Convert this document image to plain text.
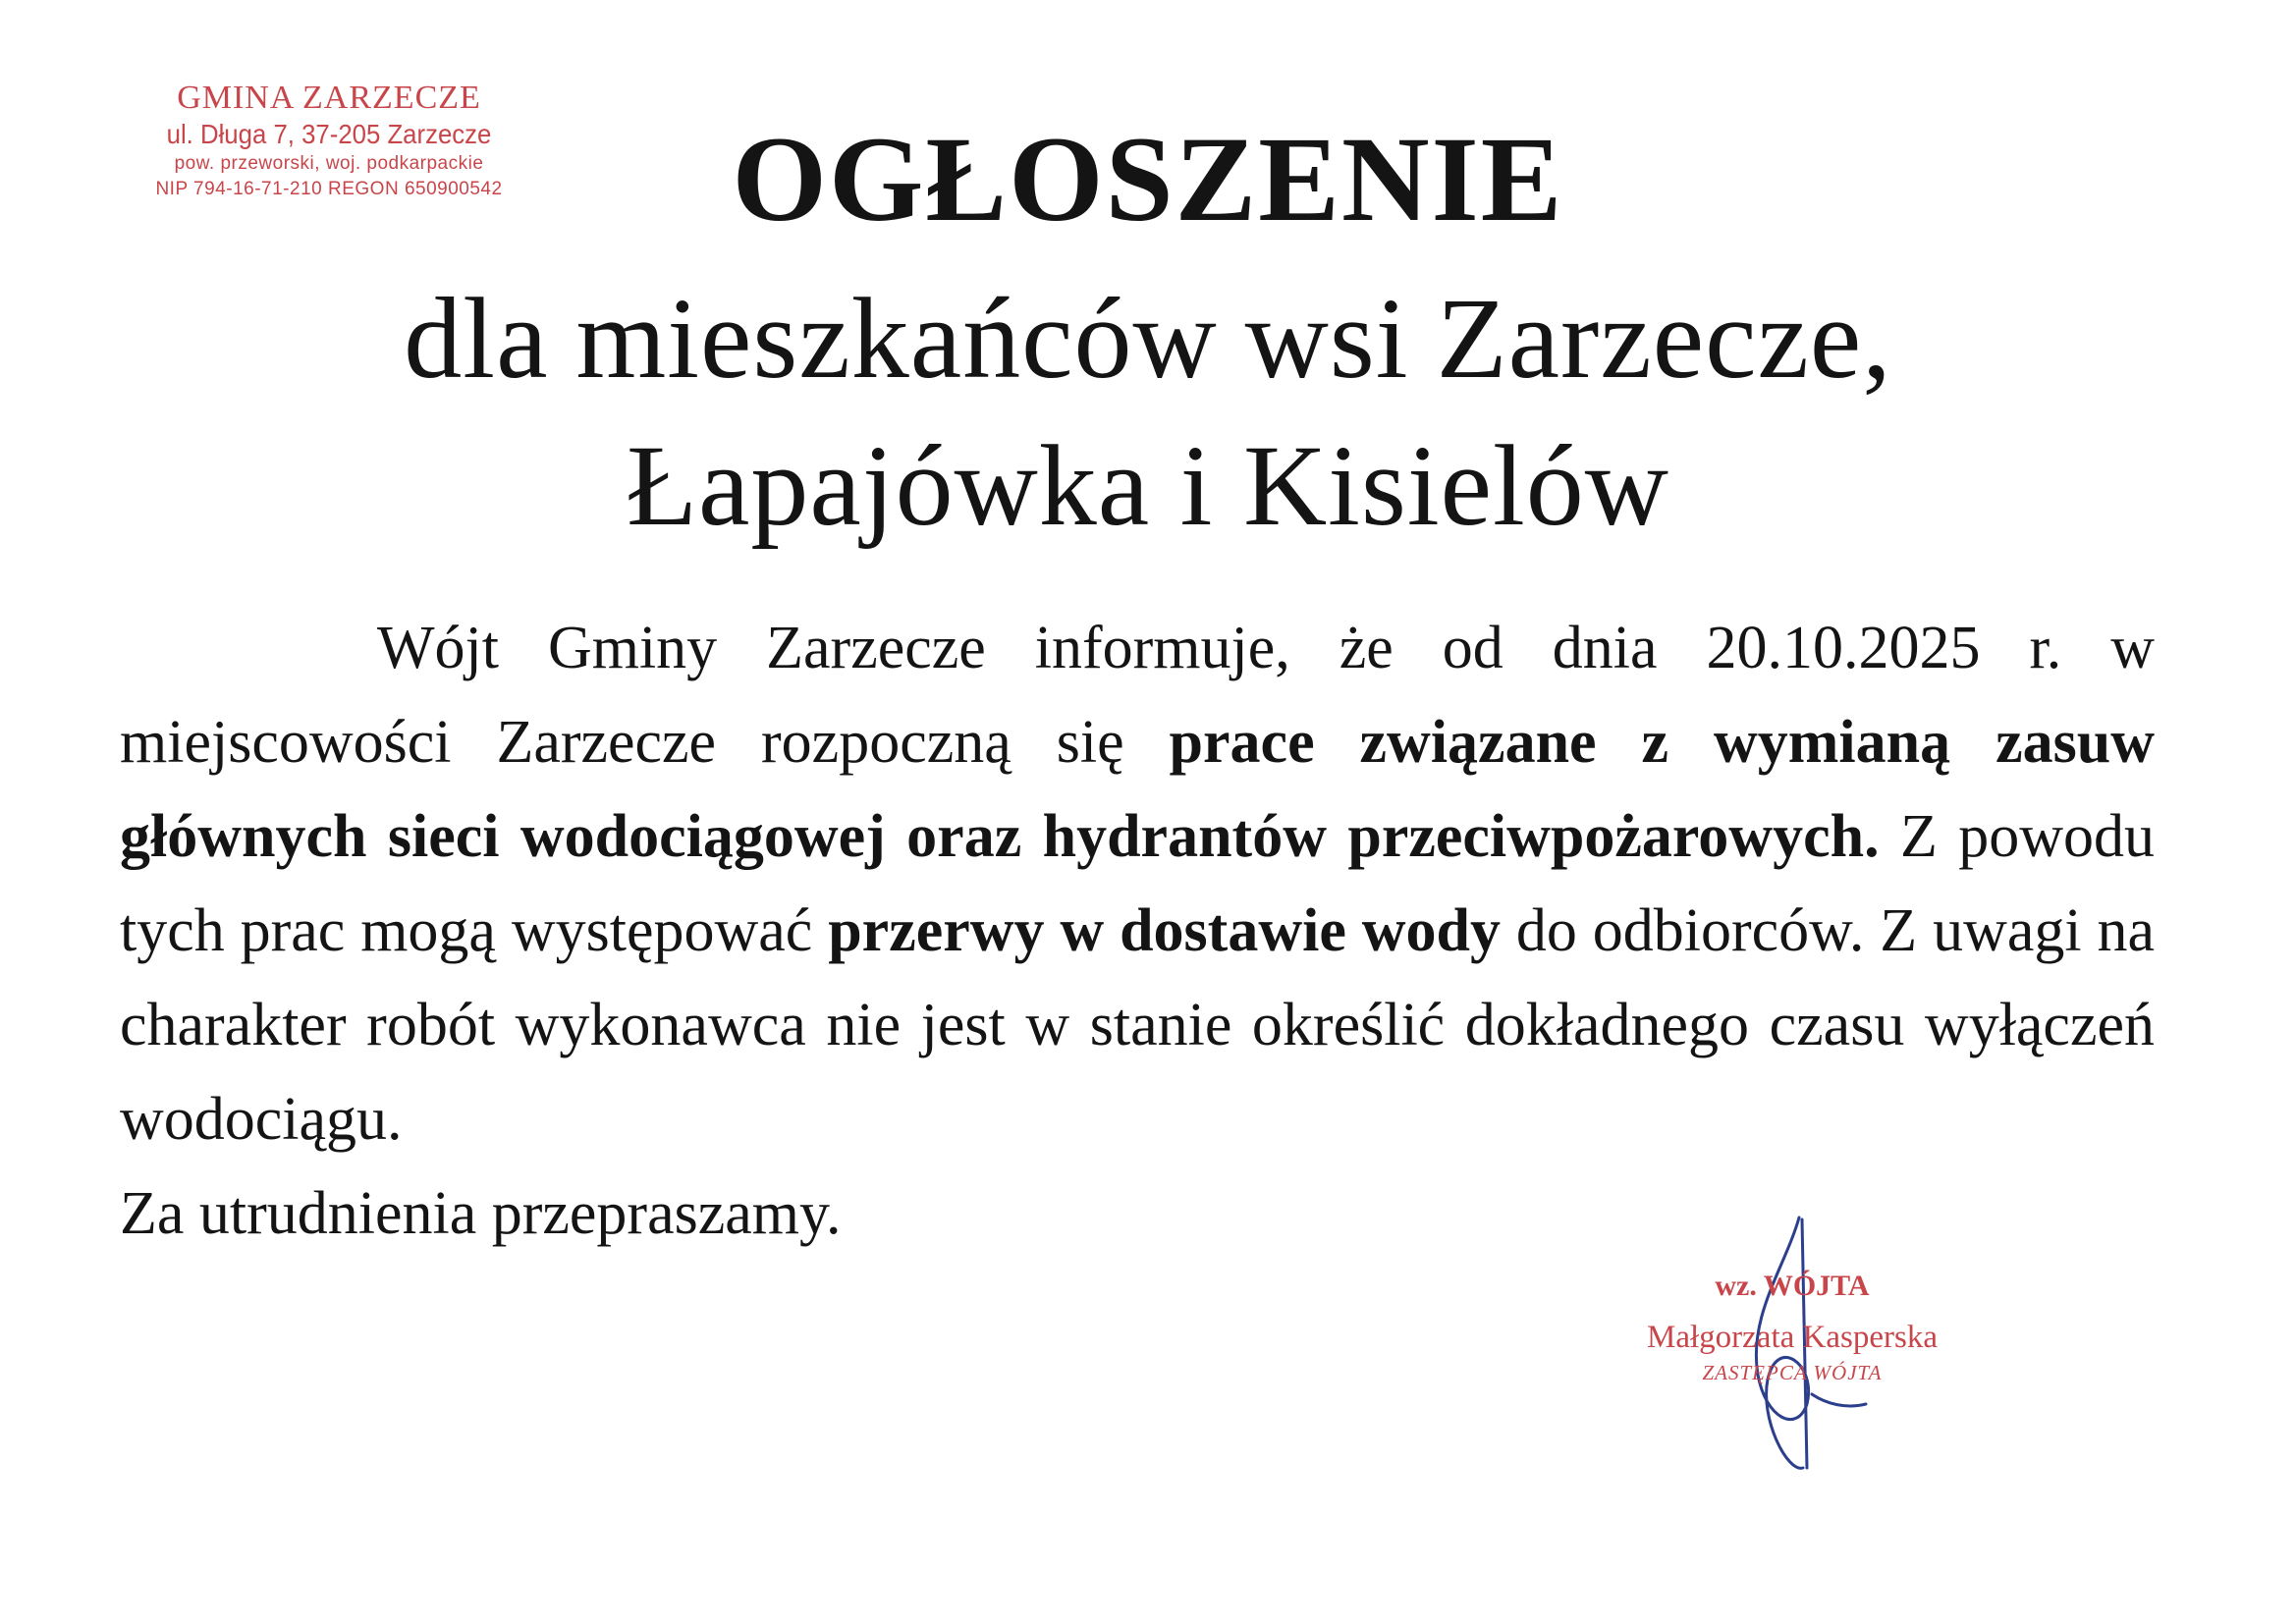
GMINA ZARZECZE
ul. Długa 7, 37-205 Zarzecze
pow. przeworski, woj. podkarpackie
NIP 794-16-71-210 REGON 650900542	OGŁOSZENIE
dla mieszkańców wsi Zarzecze,
Łapajówka i Kisielów

Wójt Gminy Zarzecze informuje, że od dnia 20.10.2025 r. w miejscowości Zarzecze rozpoczną się prace związane z wymianą zasuw głównych sieci wodociągowej oraz hydrantów przeciwpożarowych. Z powodu tych prac mogą występować przerwy w dostawie wody do odbiorców. Z uwagi na charakter robót wykonawca nie jest w stanie określić dokładnego czasu wyłączeń wodociągu.

Za utrudnienia przepraszamy.

wz. WÓJTA
Małgorzata Kasperska
ZASTĘPCA WÓJTA
